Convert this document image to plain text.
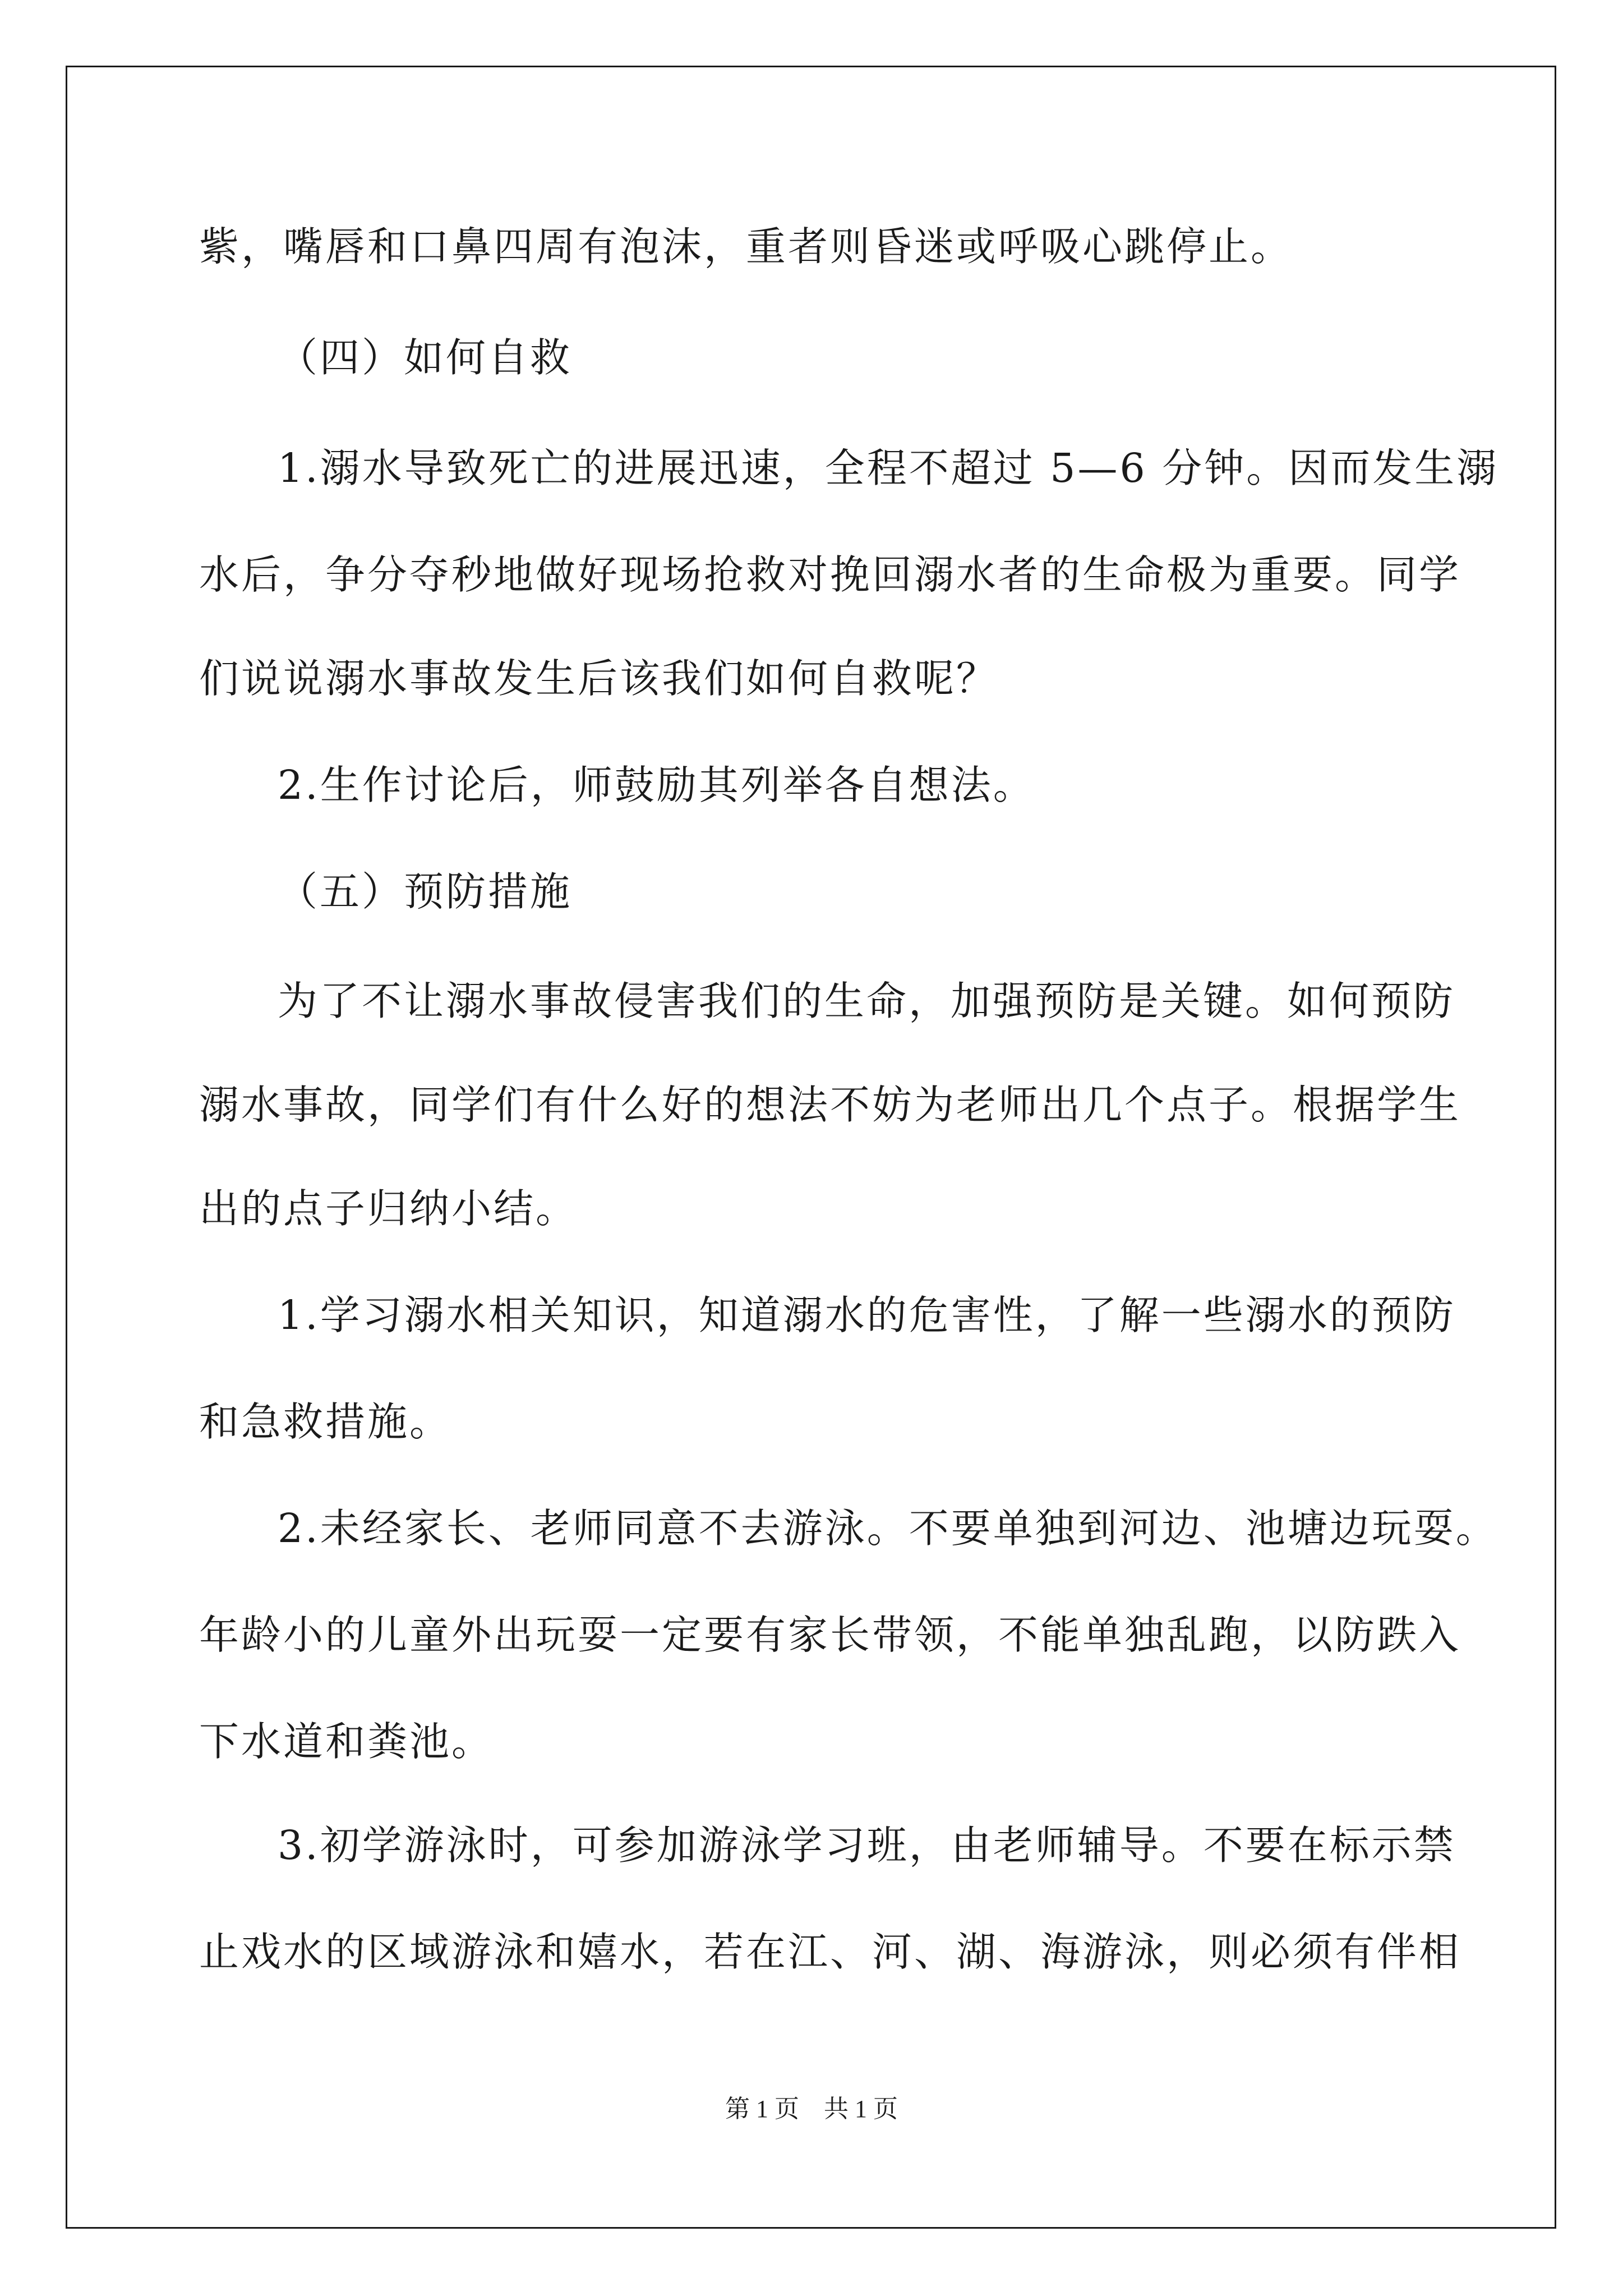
紫，嘴唇和口鼻四周有泡沫，重者则昏迷或呼吸心跳停止。
（四）如何自救
1.溺水导致死亡的进展迅速，全程不超过 5—6 分钟。因而发生溺
水后，争分夺秒地做好现场抢救对挽回溺水者的生命极为重要。同学
们说说溺水事故发生后该我们如何自救呢？
2.生作讨论后，师鼓励其列举各自想法。
（五）预防措施
为了不让溺水事故侵害我们的生命，加强预防是关键。如何预防
溺水事故，同学们有什么好的想法不妨为老师出几个点子。根据学生
出的点子归纳小结。
1.学习溺水相关知识，知道溺水的危害性，了解一些溺水的预防
和急救措施。
2.未经家长、老师同意不去游泳。不要单独到河边、池塘边玩耍。
年龄小的儿童外出玩耍一定要有家长带领，不能单独乱跑，以防跌入
下水道和粪池。
3.初学游泳时，可参加游泳学习班，由老师辅导。不要在标示禁
止戏水的区域游泳和嬉水，若在江、河、湖、海游泳，则必须有伴相
第 1 页　共 1 页
